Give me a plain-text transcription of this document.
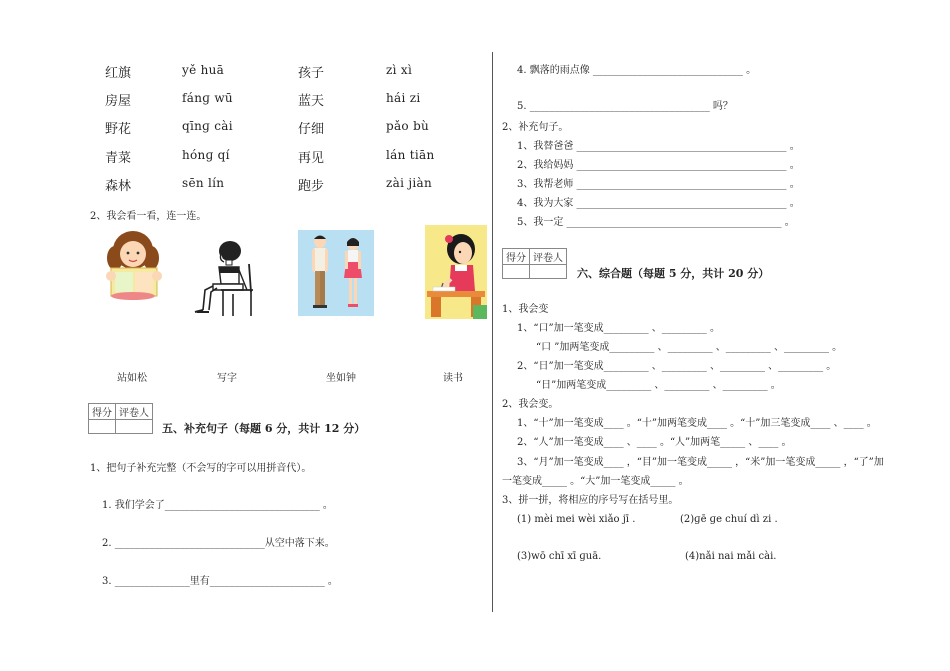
红旗	yě huā	孩子	zì xì
房屋	fánɡ wū	蓝天	hái zi
野花	qīnɡ cài	仔细	pǎo bù
青菜	hónɡ qí	再见	lán tiān
森林	sēn lín	跑步	zài jiàn
2、我会看一看，连一连。
站如松	写字	坐如钟	读书
得分	评卷人

五、补充句子（每题 6 分，共计 12 分）
1、把句子补充完整（不会写的字可以用拼音代）。
1. 我们学会了_______________________________ 。
2. ______________________________从空中落下来。
3. _______________里有_______________________ 。
4. 飘落的雨点像 ______________________________ 。
5. ____________________________________ 吗？
2、补充句子。
1、我替爸爸 __________________________________________ 。
2、我给妈妈 __________________________________________ 。
3、我帮老师 __________________________________________ 。
4、我为大家 __________________________________________ 。
5、我一定 ___________________________________________ 。
得分	评卷人

六、综合题（每题 5 分，共计 20 分）
1、我会变
1、“口”加一笔变成_________ 、_________ 。
“口 ”加两笔变成_________ 、_________ 、_________ 、_________ 。
2、“日”加一笔变成_________ 、_________ 、_________ 、_________ 。
“日”加两笔变成_________ 、_________ 、_________ 。
2、我会变。
1、“十”加一笔变成____ 。“十”加两笔变成____ 。“十”加三笔变成____ 、____ 。
2、“人”加一笔变成____ 、____ 。“人”加两笔_____ 、____ 。
3、“月”加一笔变成____ ，“目”加一笔变成_____ ，“米”加一笔变成_____ ，“了”加
一笔变成_____ 。“大”加一笔变成_____ 。
3、拼一拼，将相应的序号写在括号里。
(1) mèi mei wèi xiǎo jī .	(2)ɡē ɡe chuí dì zi .
(3)wō chī xī ɡuā.	(4)nǎi nai mǎi cài.
